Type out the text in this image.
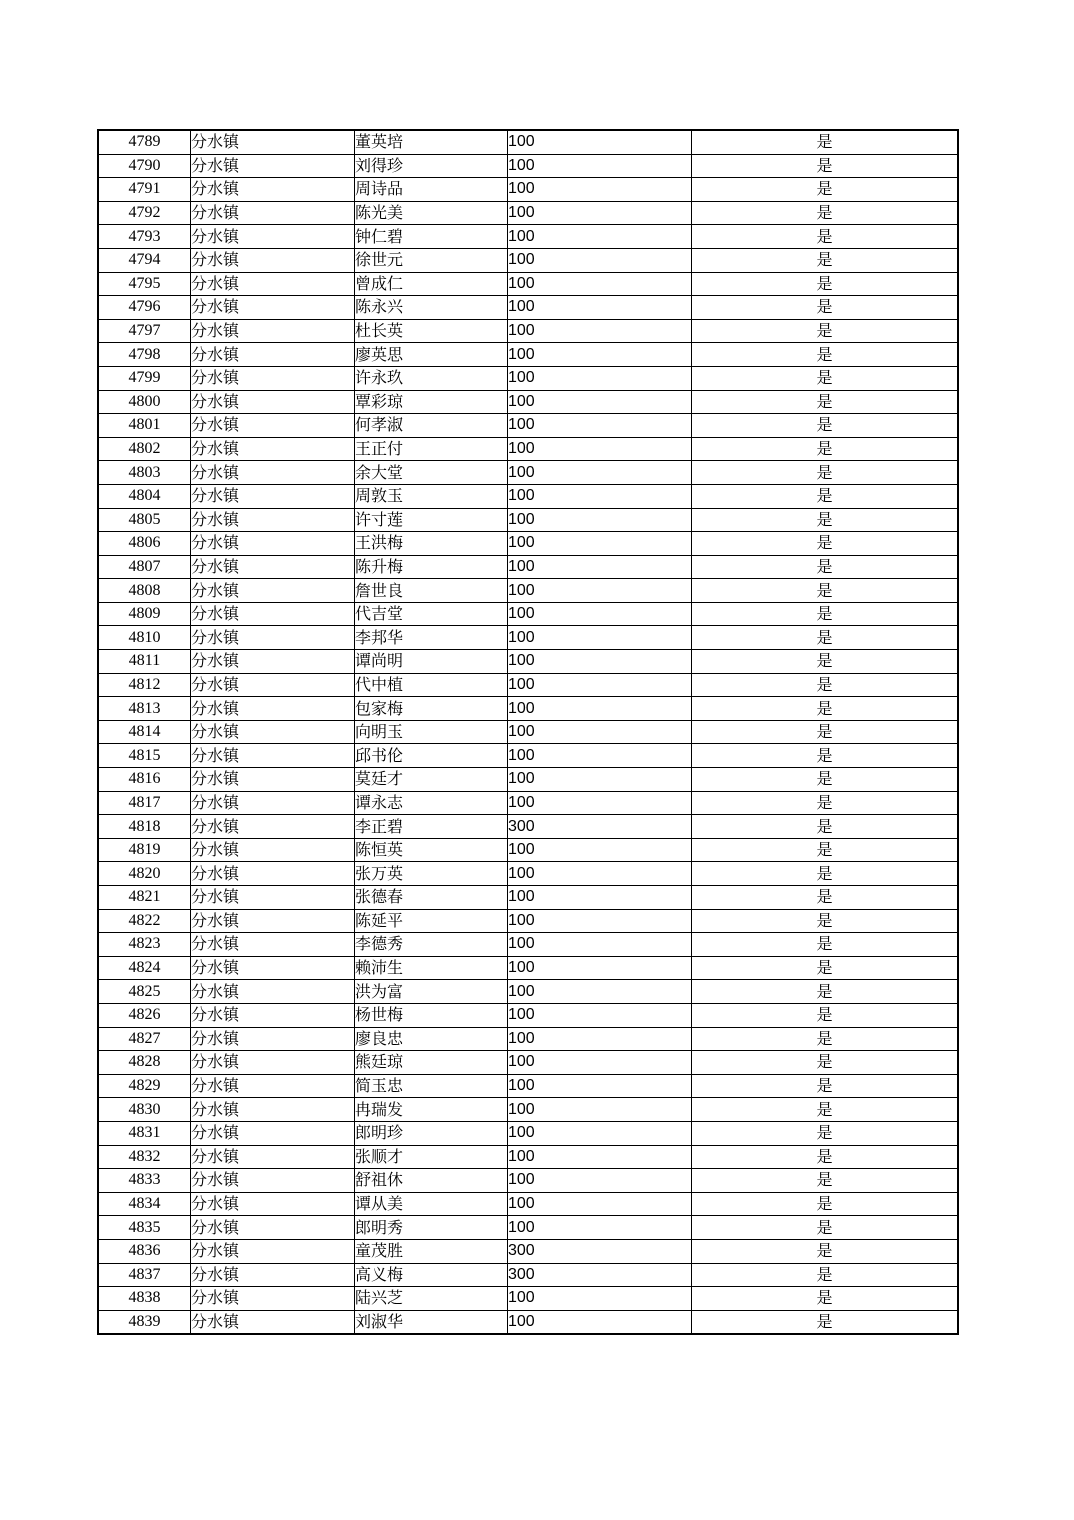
4789	分水镇	董英培	100	是
4790	分水镇	刘得珍	100	是
4791	分水镇	周诗品	100	是
4792	分水镇	陈光美	100	是
4793	分水镇	钟仁碧	100	是
4794	分水镇	徐世元	100	是
4795	分水镇	曾成仁	100	是
4796	分水镇	陈永兴	100	是
4797	分水镇	杜长英	100	是
4798	分水镇	廖英思	100	是
4799	分水镇	许永玖	100	是
4800	分水镇	覃彩琼	100	是
4801	分水镇	何孝淑	100	是
4802	分水镇	王正付	100	是
4803	分水镇	余大堂	100	是
4804	分水镇	周敦玉	100	是
4805	分水镇	许寸莲	100	是
4806	分水镇	王洪梅	100	是
4807	分水镇	陈升梅	100	是
4808	分水镇	詹世良	100	是
4809	分水镇	代吉堂	100	是
4810	分水镇	李邦华	100	是
4811	分水镇	谭尚明	100	是
4812	分水镇	代中植	100	是
4813	分水镇	包家梅	100	是
4814	分水镇	向明玉	100	是
4815	分水镇	邱书伦	100	是
4816	分水镇	莫廷才	100	是
4817	分水镇	谭永志	100	是
4818	分水镇	李正碧	300	是
4819	分水镇	陈恒英	100	是
4820	分水镇	张万英	100	是
4821	分水镇	张德春	100	是
4822	分水镇	陈延平	100	是
4823	分水镇	李德秀	100	是
4824	分水镇	赖沛生	100	是
4825	分水镇	洪为富	100	是
4826	分水镇	杨世梅	100	是
4827	分水镇	廖良忠	100	是
4828	分水镇	熊廷琼	100	是
4829	分水镇	简玉忠	100	是
4830	分水镇	冉瑞发	100	是
4831	分水镇	郎明珍	100	是
4832	分水镇	张顺才	100	是
4833	分水镇	舒祖休	100	是
4834	分水镇	谭从美	100	是
4835	分水镇	郎明秀	100	是
4836	分水镇	童茂胜	300	是
4837	分水镇	高义梅	300	是
4838	分水镇	陆兴芝	100	是
4839	分水镇	刘淑华	100	是
